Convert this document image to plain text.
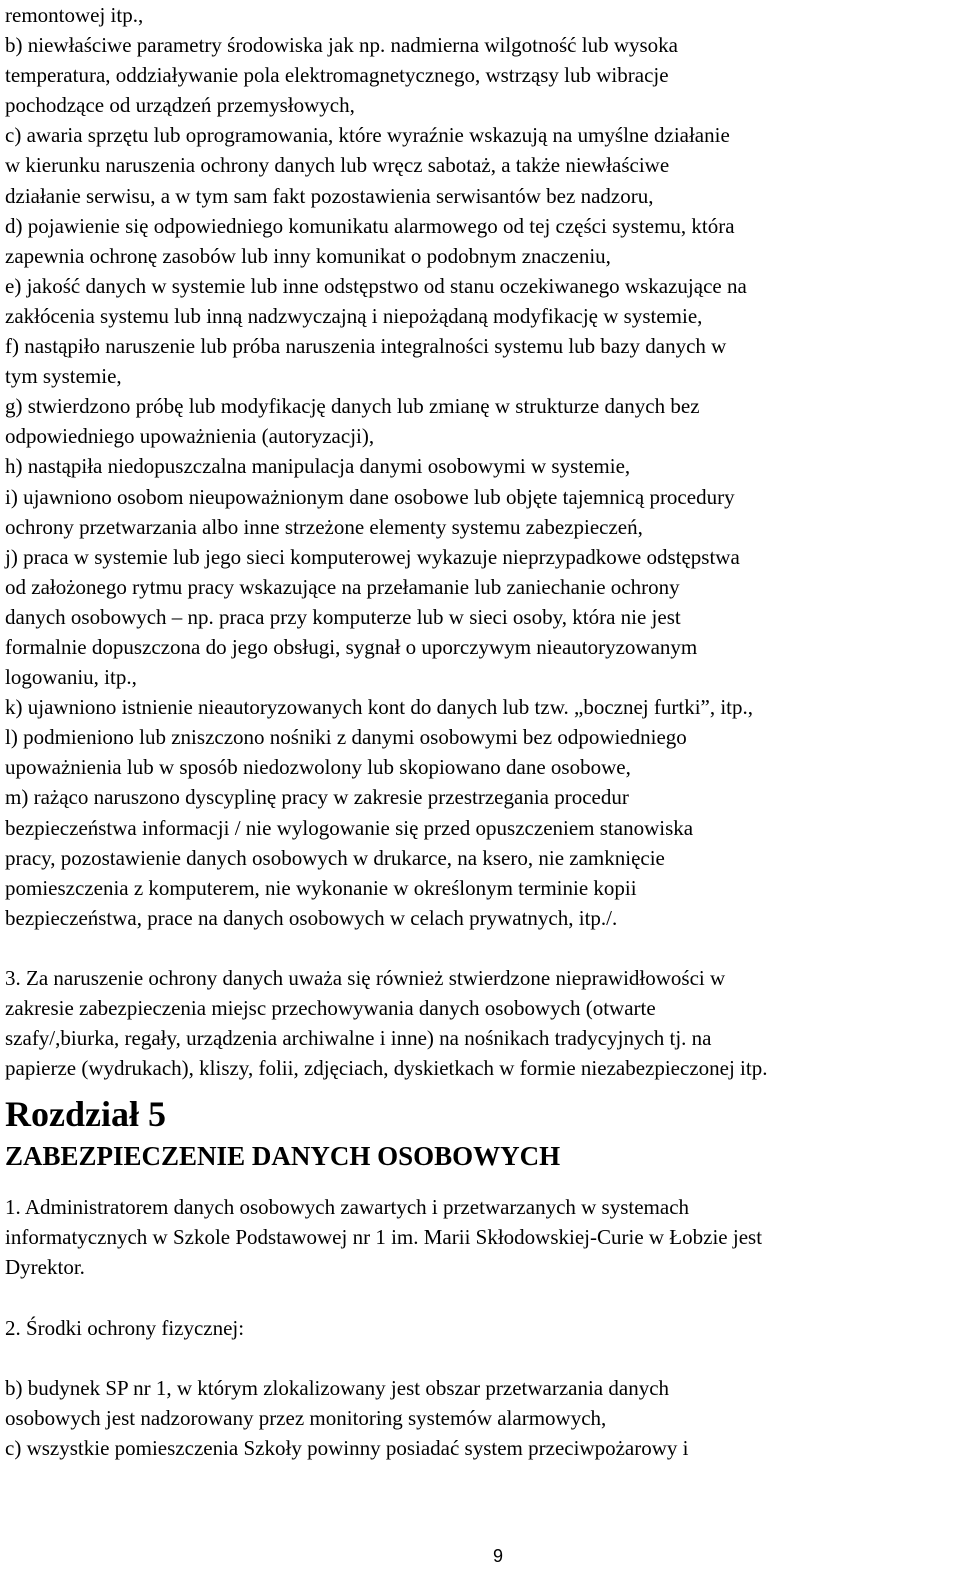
remontowej itp.,
b) niewłaściwe parametry środowiska jak np. nadmierna wilgotność lub wysoka
temperatura, oddziaływanie pola elektromagnetycznego, wstrząsy lub wibracje
pochodzące od urządzeń przemysłowych,
c) awaria sprzętu lub oprogramowania, które wyraźnie wskazują na umyślne działanie
w kierunku naruszenia ochrony danych lub wręcz sabotaż, a także niewłaściwe
działanie serwisu, a w tym sam fakt pozostawienia serwisantów bez nadzoru,
d) pojawienie się odpowiedniego komunikatu alarmowego od tej części systemu, która
zapewnia ochronę zasobów lub inny komunikat o podobnym znaczeniu,
e) jakość danych w systemie lub inne odstępstwo od stanu oczekiwanego wskazujące na
zakłócenia systemu lub inną nadzwyczajną i niepożądaną modyfikację w systemie,
f) nastąpiło naruszenie lub próba naruszenia integralności systemu lub bazy danych w
tym systemie,
g) stwierdzono próbę lub modyfikację danych lub zmianę w strukturze danych bez
odpowiedniego upoważnienia (autoryzacji),
h) nastąpiła niedopuszczalna manipulacja danymi osobowymi w systemie,
i) ujawniono osobom nieupoważnionym dane osobowe lub objęte tajemnicą procedury
ochrony przetwarzania albo inne strzeżone elementy systemu zabezpieczeń,
j) praca w systemie lub jego sieci komputerowej wykazuje nieprzypadkowe odstępstwa
od założonego rytmu pracy wskazujące na przełamanie lub zaniechanie ochrony
danych osobowych – np. praca przy komputerze lub w sieci osoby, która nie jest
formalnie dopuszczona do jego obsługi, sygnał o uporczywym nieautoryzowanym
logowaniu, itp.,
k) ujawniono istnienie nieautoryzowanych kont do danych lub tzw. „bocznej furtki”, itp.,
l) podmieniono lub zniszczono nośniki z danymi osobowymi bez odpowiedniego
upoważnienia lub w sposób niedozwolony lub skopiowano dane osobowe,
m) rażąco naruszono dyscyplinę pracy w zakresie przestrzegania procedur
bezpieczeństwa informacji / nie wylogowanie się przed opuszczeniem stanowiska
pracy, pozostawienie danych osobowych w drukarce, na ksero, nie zamknięcie
pomieszczenia z komputerem, nie wykonanie w określonym terminie kopii
bezpieczeństwa, prace na danych osobowych w celach prywatnych, itp./.
3. Za naruszenie ochrony danych uważa się również stwierdzone nieprawidłowości w
zakresie zabezpieczenia miejsc przechowywania danych osobowych (otwarte
szafy/,biurka, regały, urządzenia archiwalne i inne) na nośnikach tradycyjnych tj. na
papierze (wydrukach), kliszy, folii, zdjęciach, dyskietkach w formie niezabezpieczonej itp.
Rozdział 5
ZABEZPIECZENIE DANYCH OSOBOWYCH
1. Administratorem danych osobowych zawartych i przetwarzanych w systemach
informatycznych w Szkole Podstawowej nr 1 im. Marii Skłodowskiej-Curie w Łobzie jest
Dyrektor.
2. Środki ochrony fizycznej:
b) budynek SP nr 1, w którym zlokalizowany jest obszar przetwarzania danych
osobowych jest nadzorowany przez monitoring systemów alarmowych,
c) wszystkie pomieszczenia Szkoły powinny posiadać system przeciwpożarowy i
9
